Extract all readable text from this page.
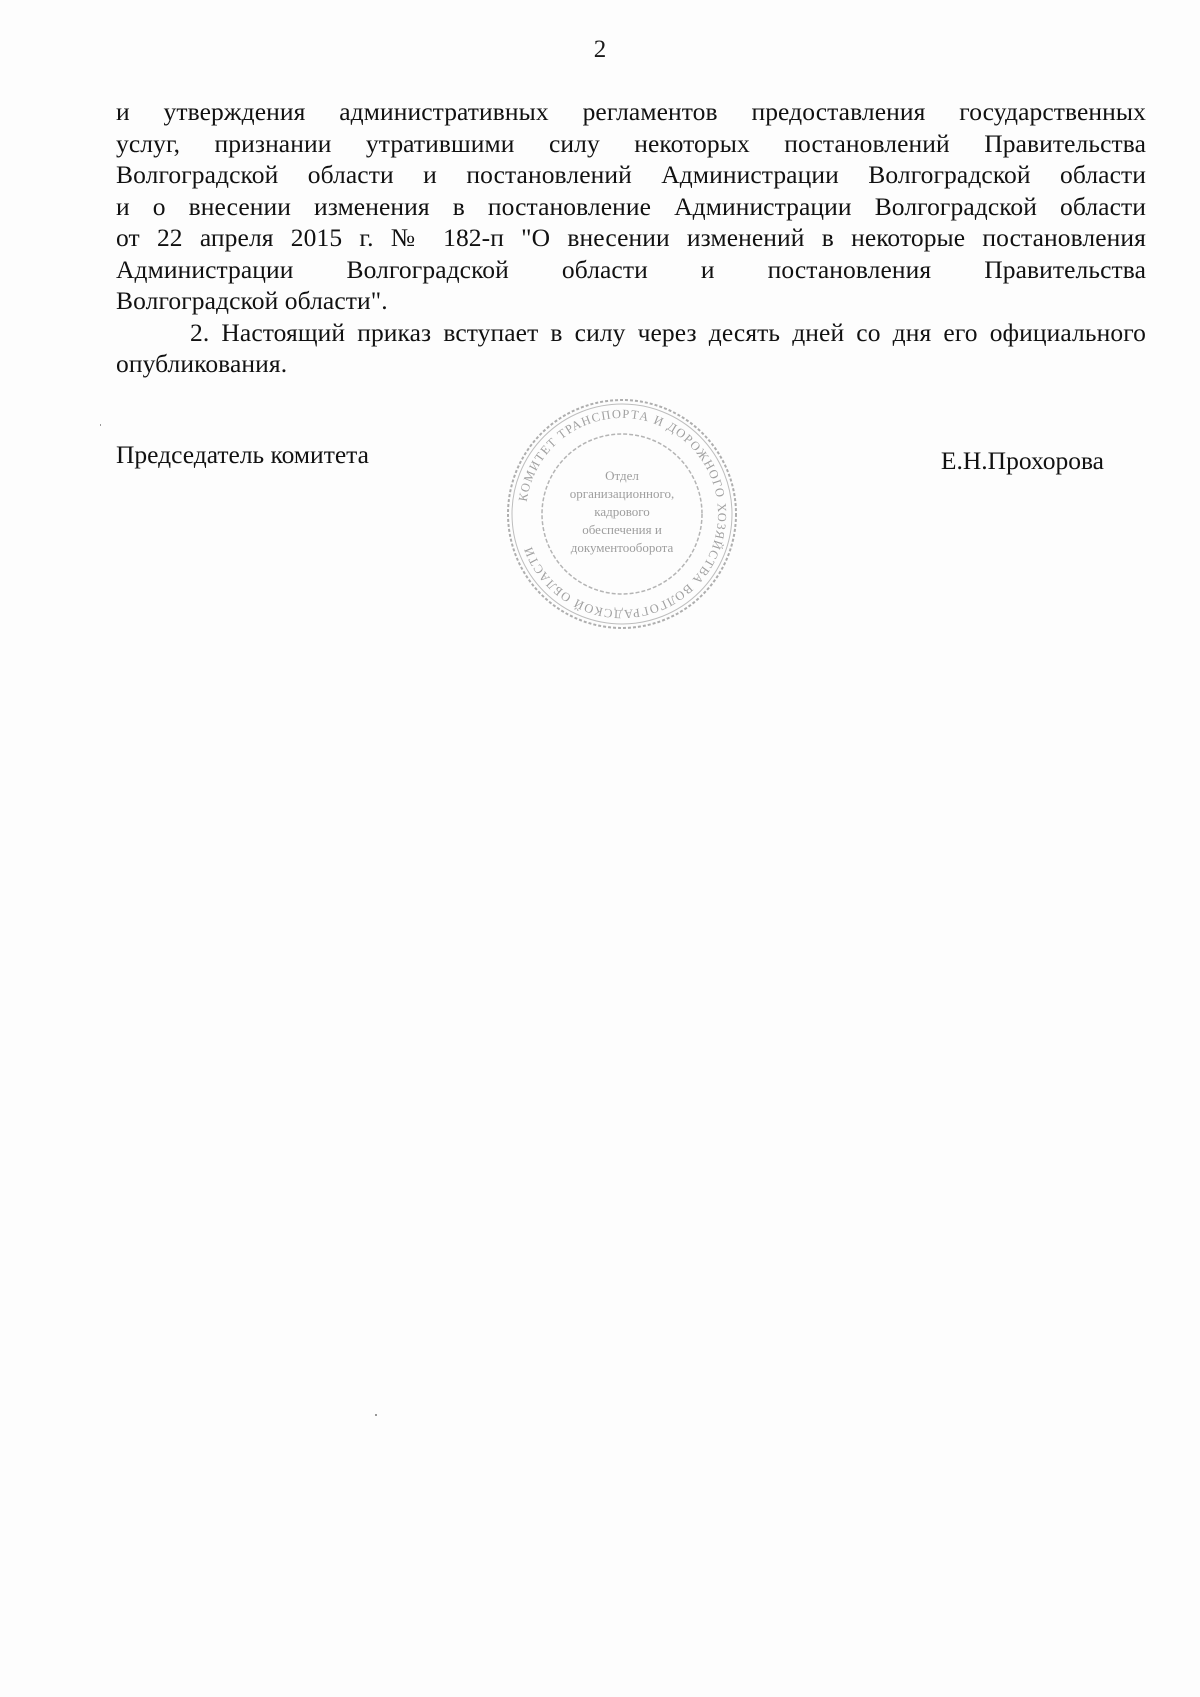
2
и утверждения административных регламентов предоставления государственных
услуг, признании утратившими силу некоторых постановлений Правительства
Волгоградской области и постановлений Администрации Волгоградской области
и о внесении изменения в постановление Администрации Волгоградской области
от 22 апреля 2015 г. № 182-п "О внесении изменений в некоторые постановления
Администрации Волгоградской области и постановления Правительства
Волгоградской области".
2. Настоящий приказ вступает в силу через десять дней со дня его официального
опубликования.
Председатель комитета
КОМИТЕТ ТРАНСПОРТА И ДОРОЖНОГО ХОЗЯЙСТВА ВОЛГОГРАДСКОЙ ОБЛАСТИ
Отдел
организационного,
кадрового
обеспечения и
документооборота
Е.Н.Прохорова
